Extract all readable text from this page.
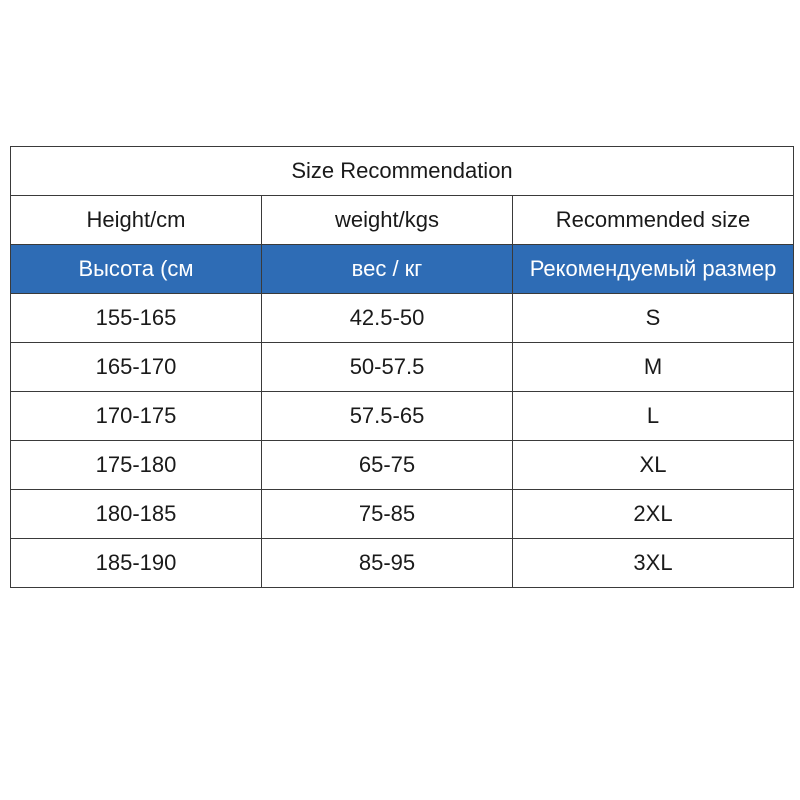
Size Recommendation		
Height/cm	weight/kgs	Recommended size
Высота (см	вес / кг	Рекомендуемый размер
155-165	42.5-50	S
165-170	50-57.5	M
170-175	57.5-65	L
175-180	65-75	XL
180-185	75-85	2XL
185-190	85-95	3XL
